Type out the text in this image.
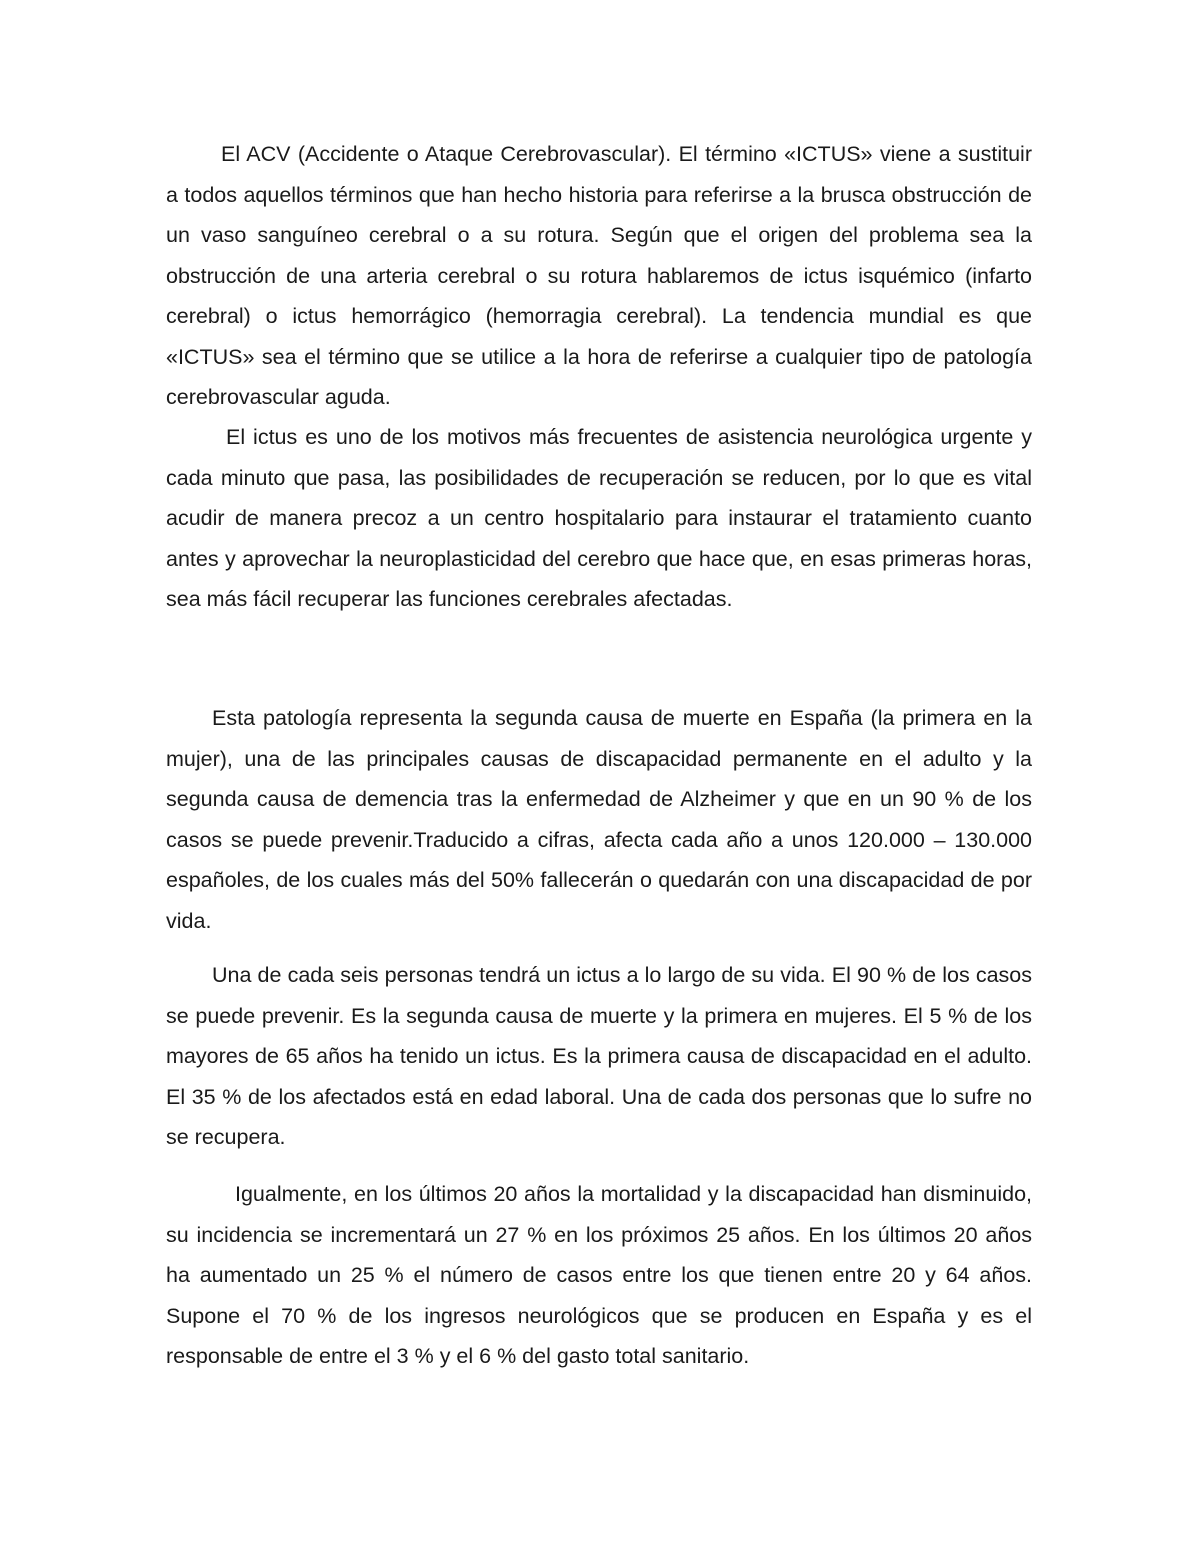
El ACV (Accidente o Ataque Cerebrovascular). El término «ICTUS» viene a sustituir a todos aquellos términos que han hecho historia para referirse a la brusca obstrucción de un vaso sanguíneo cerebral o a su rotura. Según que el origen del problema sea la obstrucción de una arteria cerebral o su rotura hablaremos de ictus isquémico (infarto cerebral) o ictus hemorrágico (hemorragia cerebral). La tendencia mundial es que «ICTUS» sea el término que se utilice a la hora de referirse a cualquier tipo de patología cerebrovascular aguda.

El ictus es uno de los motivos más frecuentes de asistencia neurológica urgente y cada minuto que pasa, las posibilidades de recuperación se reducen, por lo que es vital acudir de manera precoz a un centro hospitalario para instaurar el tratamiento cuanto antes y aprovechar la neuroplasticidad del cerebro que hace que, en esas primeras horas, sea más fácil recuperar las funciones cerebrales afectadas.

Esta patología representa la segunda causa de muerte en España (la primera en la mujer), una de las principales causas de discapacidad permanente en el adulto y la segunda causa de demencia tras la enfermedad de Alzheimer y que en un 90 % de los casos se puede prevenir.Traducido a cifras, afecta cada año a unos 120.000 – 130.000 españoles, de los cuales más del 50% fallecerán o quedarán con una discapacidad de por vida.

Una de cada seis personas tendrá un ictus a lo largo de su vida. El 90 % de los casos se puede prevenir. Es la segunda causa de muerte y la primera en mujeres. El 5 % de los mayores de 65 años ha tenido un ictus. Es la primera causa de discapacidad en el adulto. El 35 % de los afectados está en edad laboral. Una de cada dos personas que lo sufre no se recupera.

Igualmente, en los últimos 20 años la mortalidad y la discapacidad han disminuido, su incidencia se incrementará un 27 % en los próximos 25 años. En los últimos 20 años ha aumentado un 25 % el número de casos entre los que tienen entre 20 y 64 años. Supone el 70 % de los ingresos neurológicos que se producen en España y es el responsable de entre el 3 % y el 6 % del gasto total sanitario.
